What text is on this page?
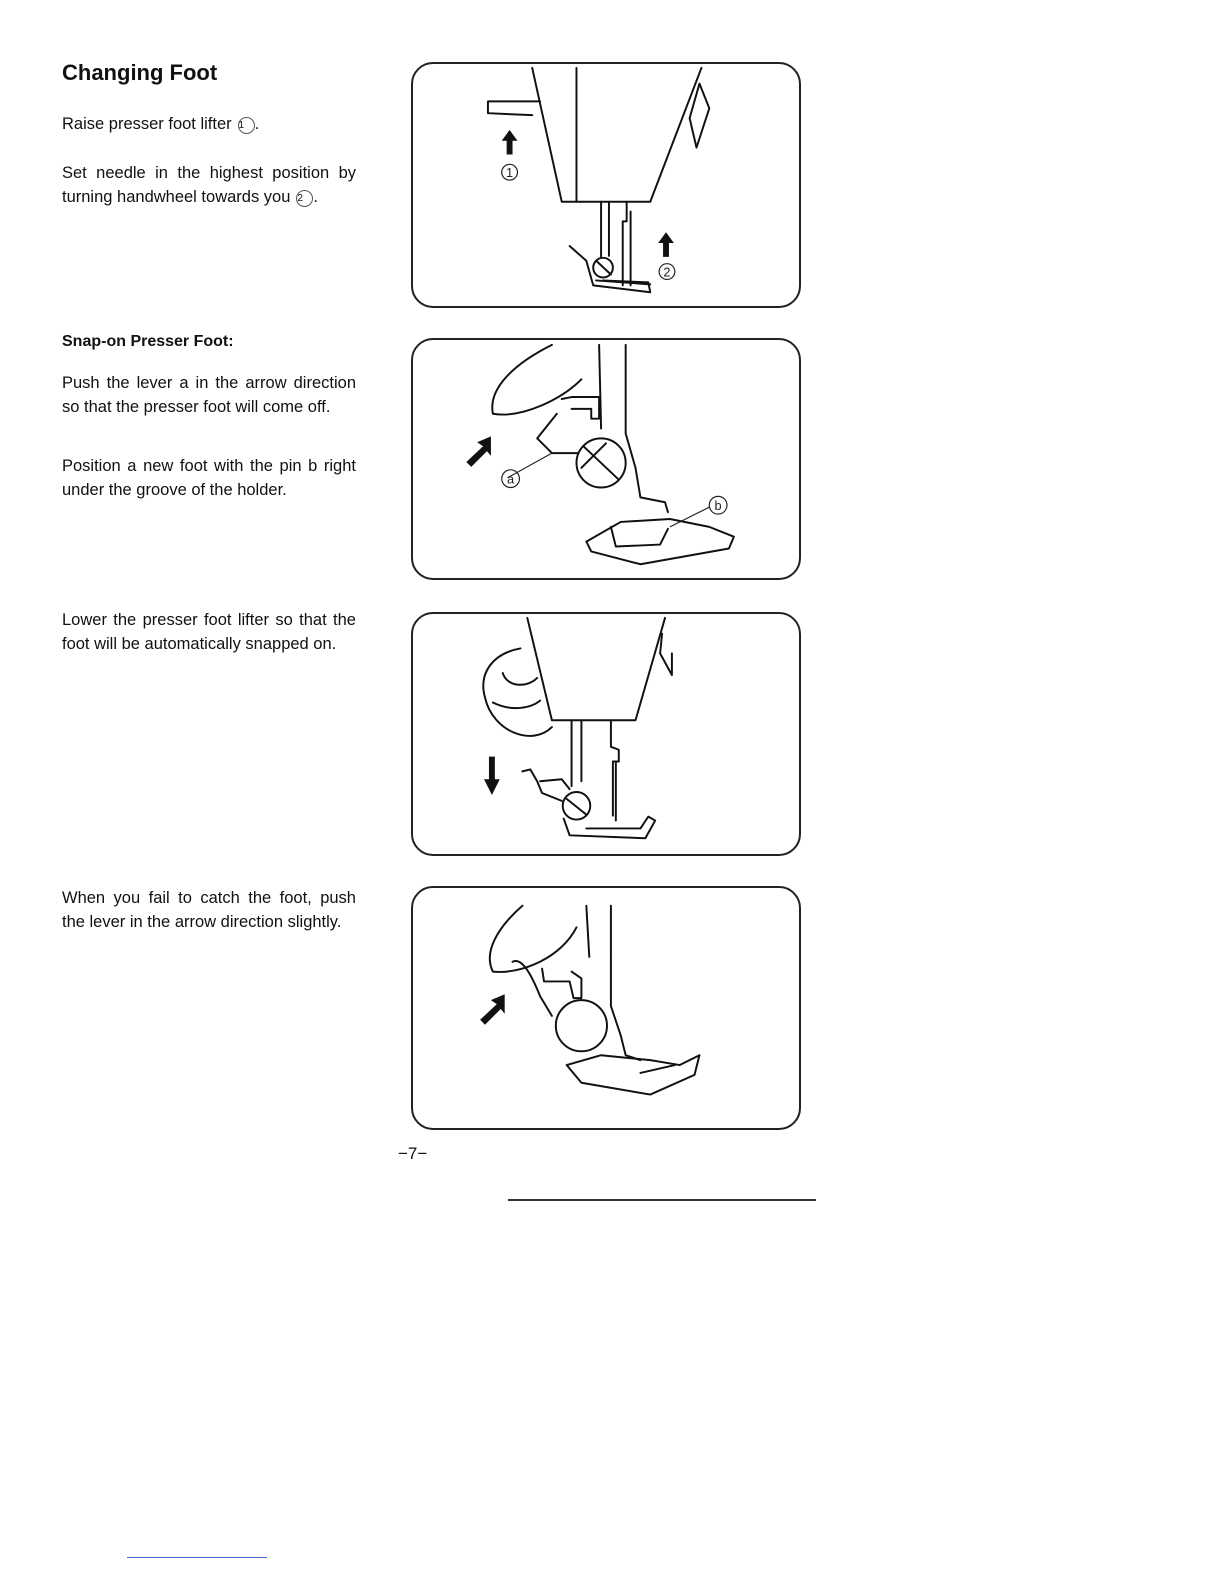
Changing Foot

Raise presser foot lifter 1 .

Set needle in the highest position by turning handwheel towards you 2 .

Snap-on Presser Foot:

Push the lever a in the arrow direction so that the presser foot will come off.

Position a new foot with the pin b right under the groove of the holder.

Lower the presser foot lifter so that the foot will be automatically snapped on.

When you fail to catch the foot, push the lever in the arrow direction slightly.

1
2
a
b

−7−
